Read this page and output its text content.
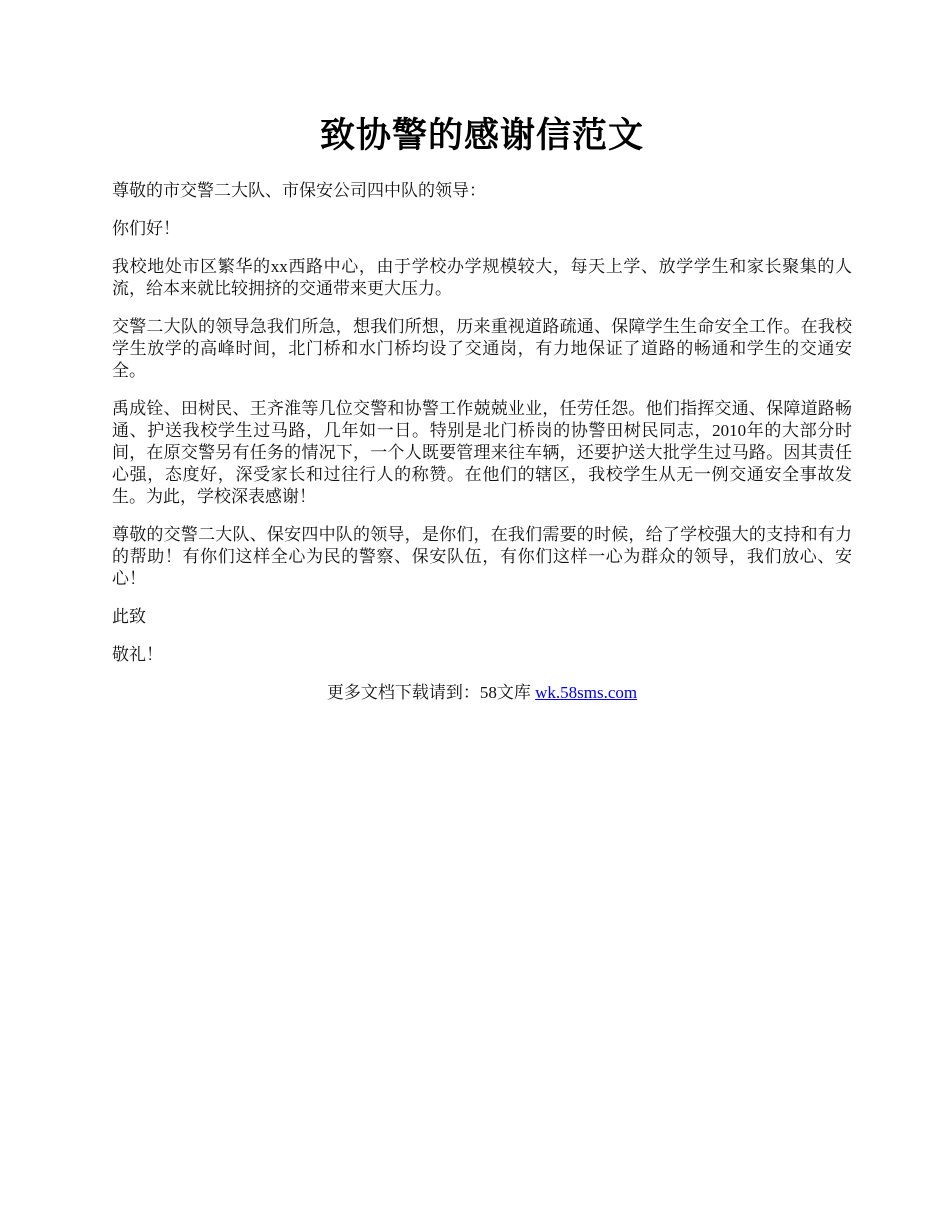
致协警的感谢信范文

尊敬的市交警二大队、市保安公司四中队的领导：

你们好！

我校地处市区繁华的xx西路中心，由于学校办学规模较大，每天上学、放学学生和家长聚集的人流，给本来就比较拥挤的交通带来更大压力。

交警二大队的领导急我们所急，想我们所想，历来重视道路疏通、保障学生生命安全工作。在我校学生放学的高峰时间，北门桥和水门桥均设了交通岗，有力地保证了道路的畅通和学生的交通安全。

禹成铨、田树民、王齐淮等几位交警和协警工作兢兢业业，任劳任怨。他们指挥交通、保障道路畅通、护送我校学生过马路，几年如一日。特别是北门桥岗的协警田树民同志，2010年的大部分时间，在原交警另有任务的情况下，一个人既要管理来往车辆，还要护送大批学生过马路。因其责任心强，态度好，深受家长和过往行人的称赞。在他们的辖区，我校学生从无一例交通安全事故发生。为此，学校深表感谢！

尊敬的交警二大队、保安四中队的领导，是你们，在我们需要的时候，给了学校强大的支持和有力的帮助！有你们这样全心为民的警察、保安队伍，有你们这样一心为群众的领导，我们放心、安心！

此致

敬礼！

更多文档下载请到：58文库 wk.58sms.com
